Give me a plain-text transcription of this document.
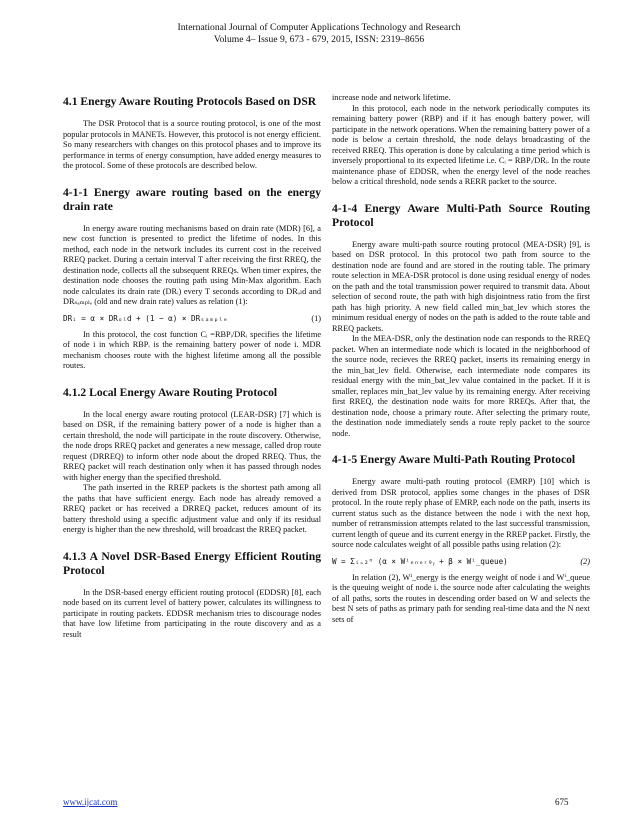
International Journal of Computer Applications Technology and Research
Volume 4– Issue 9, 673 - 679, 2015, ISSN: 2319–8656
4.1 Energy Aware Routing Protocols Based on DSR

The DSR Protocol that is a source routing protocol, is one of the most popular protocols in MANETs. However, this protocol is not energy efficient. So many researchers with changes on this protocol phases and to improve its performance in terms of energy consumption, have added energy measures to the protocol. Some of these protocols are described below.

4-1-1 Energy aware routing based on the energy drain rate

In energy aware routing mechanisms based on drain rate (MDR) [6], a new cost function is presented to predict the lifetime of nodes. In this method, each node in the network includes its current cost in the received RREQ packet. During a certain interval T after receiving the first RREQ, the destination node, collects all the subsequent RREQs. When timer expires, the destination node chooses the routing path using Min-Max algorithm. Each node calculates its drain rate (DRᵢ) every T seconds according to DRₒₗd and DRₛₐₘₚₗₑ (old and new drain rate) values as relation (1):

DRᵢ = α × DRₒₗd + (1 − α) × DRₛₐₘₚₗₑ	(1)

In this protocol, the cost function Cᵢ =RBPᵢ/DRᵢ specifies the lifetime of node i in which RBPᵢ is the remaining battery power of node i. MDR mechanism chooses route with the highest lifetime among all the possible routes.

4.1.2 Local Energy Aware Routing Protocol

In the local energy aware routing protocol (LEAR-DSR) [7] which is based on DSR, if the remaining battery power of a node is higher than a certain threshold, the node will participate in the route discovery. Otherwise, the node drops RREQ packet and generates a new message, called drop route request (DRREQ) to inform other node about the droped RREQ. Thus, the RREQ packet will reach destination only when it has passed through nodes with higher energy than the specified threshold.

The path inserted in the RREP packets is the shortest path among all the paths that have sufficient energy. Each node has already removed a RREQ packet or has received a DRREQ packet, reduces amount of its battery threshold using a specific adjustment value and only if its residual energy is higher than the new threshold, will broadcast the RREQ packet.

4.1.3 A Novel DSR-Based Energy Efficient Routing Protocol

In the DSR-based energy efficient routing protocol (EDDSR) [8], each node based on its current level of battery power, calculates its willingness to participate in routing packets. EDDSR mechanism tries to discourage nodes that have low lifetime from participating in the route discovery and as a result

increase node and network lifetime.

In this protocol, each node in the network periodically computes its remaining battery power (RBP) and if it has enough battery power, will participate in the network operations. When the remaining battery power of a node is below a certain threshold, the node delays broadcasting of the received RREQ. This operation is done by calculating a time period which is inversely proportional to its expected lifetime i.e. Cᵢ = RBPᵢ/DRᵢ. In the route maintenance phase of EDDSR, when the energy level of the node reaches below a critical threshold, node sends a RERR packet to the source.

4-1-4 Energy Aware Multi-Path Source Routing Protocol

Energy aware multi-path source routing protocol (MEA-DSR) [9], is based on DSR protocol. In this protocol two path from source to the destination node are found and are stored in the routing table. The primary route selection in MEA-DSR protocol is done using residual energy of nodes on the path and the total transmission power required to transmit data. About selection of second route, the path with high disjointness ratio from the first path has high priority. A new field called min_bat_lev which stores the minimum residual energy of nodes on the path is added to the route table and RREQ packets.

In the MEA-DSR, only the destination node can responds to the RREQ packet. When an intermediate node which is located in the neighborhood of the source node, recieves the RREQ packet, inserts its remaining energy in the min_bat_lev field. Otherwise, each intermediate node compares its residual energy with the min_bat_lev value contained in the packet. If it is smaller, replaces min_bat_lev value by its remaining energy. After receiving first RREQ, the destination node waits for more RREQs. After that, the destination node, choose a primary route. After selecting the primary route, the destination node immediately sends a route reply packet to the source node.

4-1-5 Energy Aware Multi-Path Routing Protocol

Energy aware multi-path routing protocol (EMRP) [10] which is derived from DSR protocol, applies some changes in the phases of DSR protocol. In the route reply phase of EMRP, each node on the path, inserts its current status such as the distance between the node i with the next hop, number of retransmission attempts related to the last successful transmission, current length of queue and its current energy in the RREP packet. Firstly, the source node calculates weight of all possible paths using relation (2):

W = Σᵢ₌₂ⁿ (α × Wⁱₑₙₑᵣ₉ᵧ + β × Wⁱ_queue)	(2)

In relation (2), Wⁱ_energy is the energy weight of node i and Wⁱ_queue is the queuing weight of node i. the source node after calculating the weights of all paths, sorts the routes in descending order based on W and selects the best N sets of paths as primary path for sending real-time data and the N next sets of

www.ijcat.com	675
